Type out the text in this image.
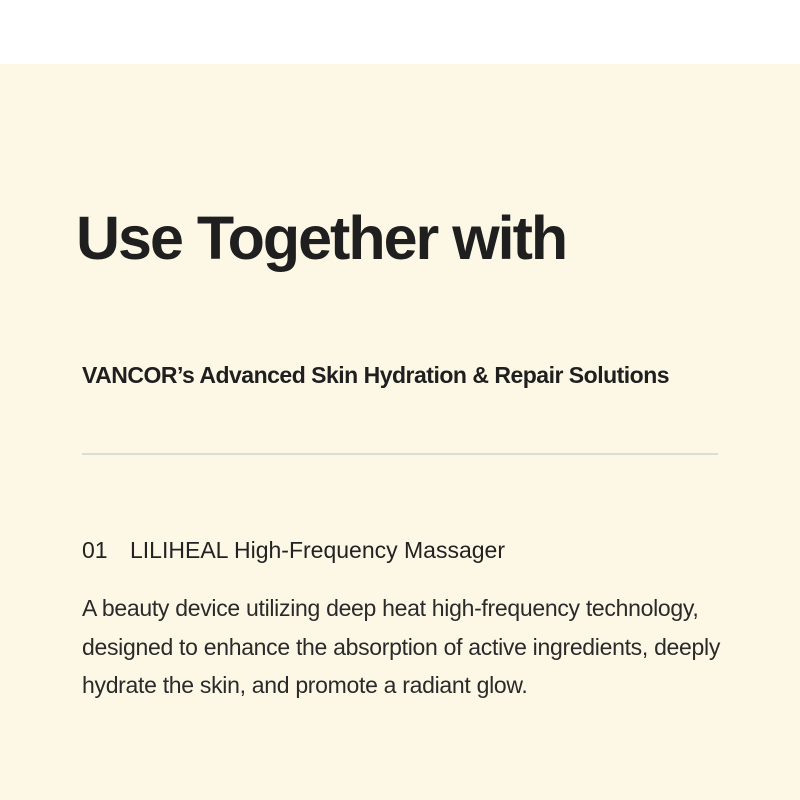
Use Together with
VANCOR’s Advanced Skin Hydration & Repair Solutions
01 LILIHEAL High-Frequency Massager

A beauty device utilizing deep heat high-frequency technology, designed to enhance the absorption of active ingredients, deeply hydrate the skin, and promote a radiant glow.
